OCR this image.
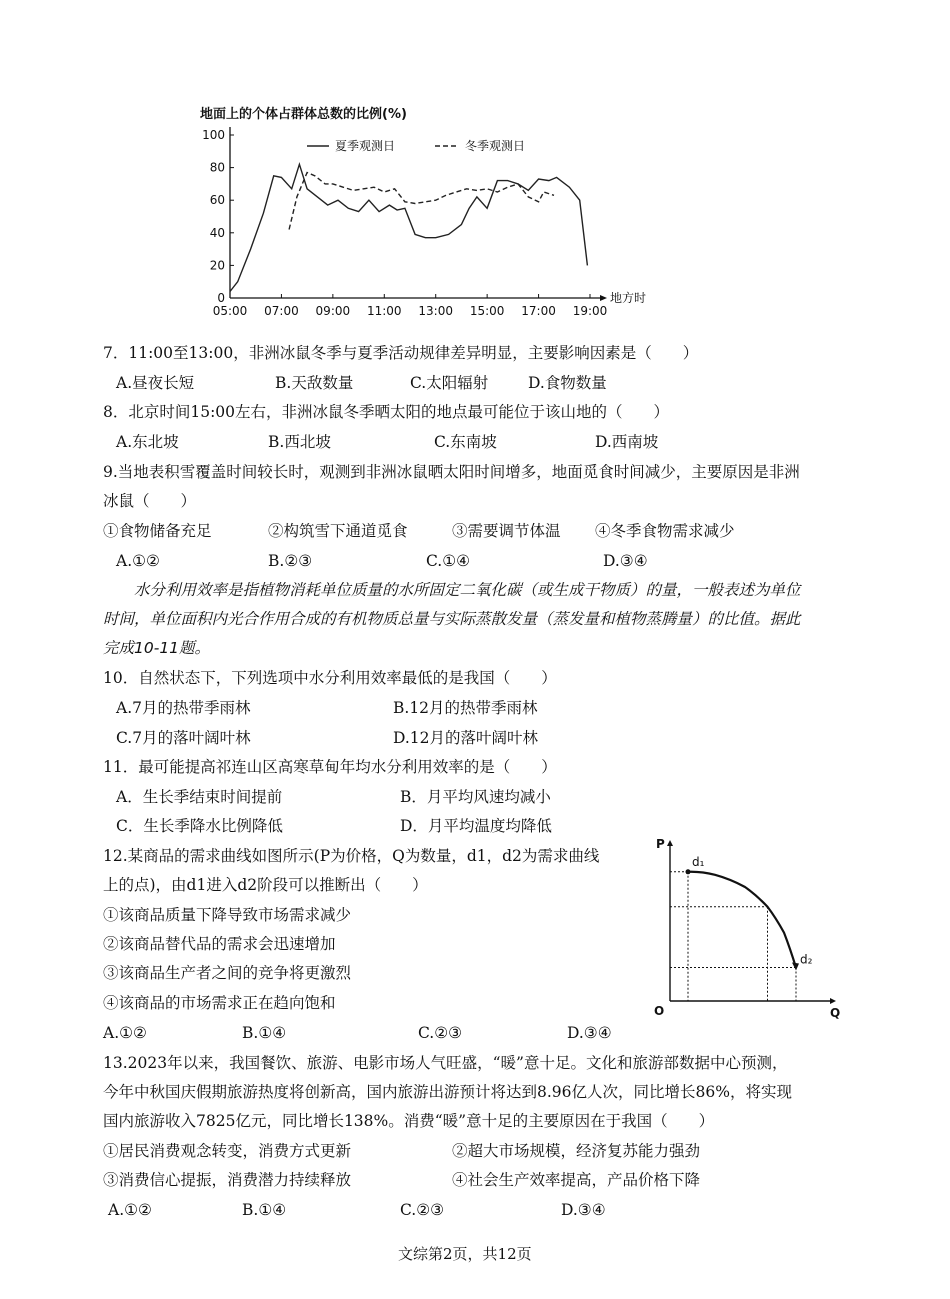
地面上的个体占群体总数的比例(%)
0
20
40
60
80
100
05:00 07:00 09:00 11:00 13:00 15:00 17:00 19:00
地方时
夏季观测日	冬季观测日
7．11:00至13:00，非洲冰鼠冬季与夏季活动规律差异明显，主要影响因素是（　　）
A.昼夜长短	B.天敌数量	C.太阳辐射	D.食物数量
8．北京时间15:00左右，非洲冰鼠冬季晒太阳的地点最可能位于该山地的（　　）
A.东北坡	B.西北坡	C.东南坡	D.西南坡
9.当地表积雪覆盖时间较长时，观测到非洲冰鼠晒太阳时间增多，地面觅食时间减少，主要原因是非洲
冰鼠（　　）
①食物储备充足	②构筑雪下通道觅食	③需要调节体温 ④冬季食物需求减少
A.①②	B.②③	C.①④	D.③④
水分利用效率是指植物消耗单位质量的水所固定二氧化碳（或生成干物质）的量，一般表述为单位
时间，单位面积内光合作用合成的有机物质总量与实际蒸散发量（蒸发量和植物蒸腾量）的比值。据此
完成10-11题。
10．自然状态下，下列选项中水分利用效率最低的是我国（　　）
A.7月的热带季雨林	B.12月的热带季雨林
C.7月的落叶阔叶林	D.12月的落叶阔叶林
11．最可能提高祁连山区高寒草甸年均水分利用效率的是（　　）
A．生长季结束时间提前	B．月平均风速均减小
C．生长季降水比例降低	D．月平均温度均降低
12.某商品的需求曲线如图所示(P为价格，Q为数量，d1，d2为需求曲线
上的点)，由d1进入d2阶段可以推断出（　　）
①该商品质量下降导致市场需求减少
②该商品替代品的需求会迅速增加
③该商品生产者之间的竞争将更激烈
④该商品的市场需求正在趋向饱和
A.①②	B.①④	C.②③	D.③④
P
Q
O
d₁
d₂
13.2023年以来，我国餐饮、旅游、电影市场人气旺盛，“暖”意十足。文化和旅游部数据中心预测，
今年中秋国庆假期旅游热度将创新高，国内旅游出游预计将达到8.96亿人次，同比增长86%，将实现
国内旅游收入7825亿元，同比增长138%。消费“暖”意十足的主要原因在于我国（　　）
①居民消费观念转变，消费方式更新	②超大市场规模，经济复苏能力强劲
③消费信心提振，消费潜力持续释放	④社会生产效率提高，产品价格下降
A.①②	B.①④	C.②③	D.③④
文综第2页，共12页
